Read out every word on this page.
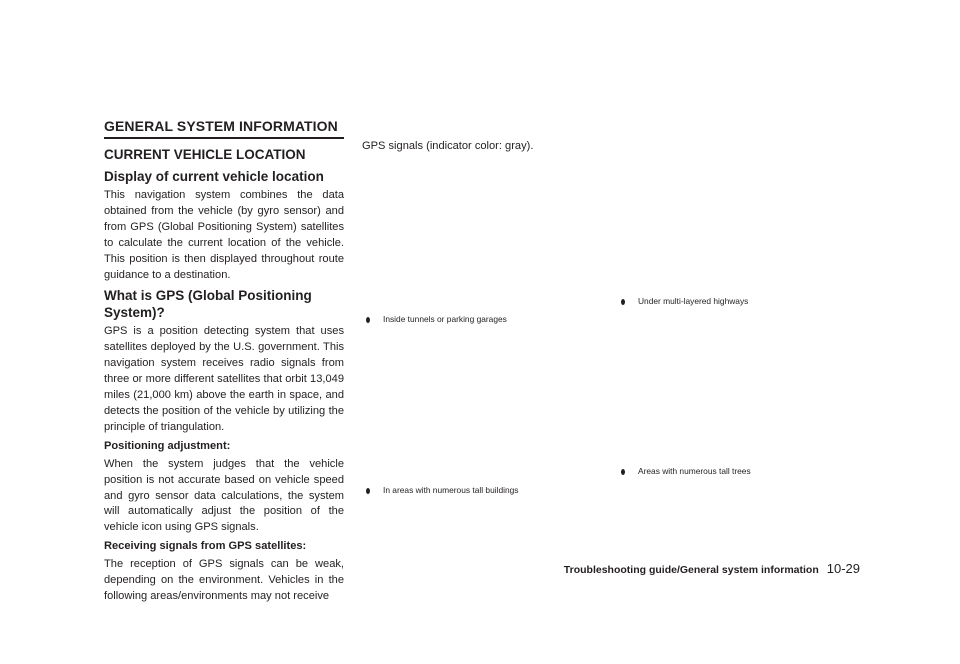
GENERAL SYSTEM INFORMATION

CURRENT VEHICLE LOCATION

Display of current vehicle location

This navigation system combines the data obtained from the vehicle (by gyro sensor) and from GPS (Global Positioning System) satellites to calculate the current location of the vehicle. This position is then displayed throughout route guidance to a destination.

What is GPS (Global Positioning System)?

GPS is a position detecting system that uses satellites deployed by the U.S. government. This navigation system receives radio signals from three or more different satellites that orbit 13,049 miles (21,000 km) above the earth in space, and detects the position of the vehicle by utilizing the principle of triangulation.

Positioning adjustment:

When the system judges that the vehicle position is not accurate based on vehicle speed and gyro sensor data calculations, the system will automatically adjust the position of the vehicle icon using GPS signals.

Receiving signals from GPS satellites:

The reception of GPS signals can be weak, depending on the environment. Vehicles in the following areas/environments may not receive

GPS signals (indicator color: gray).
Inside tunnels or parking garages
Under multi-layered highways
In areas with numerous tall buildings
Areas with numerous tall trees
Troubleshooting guide/General system information 10-29
